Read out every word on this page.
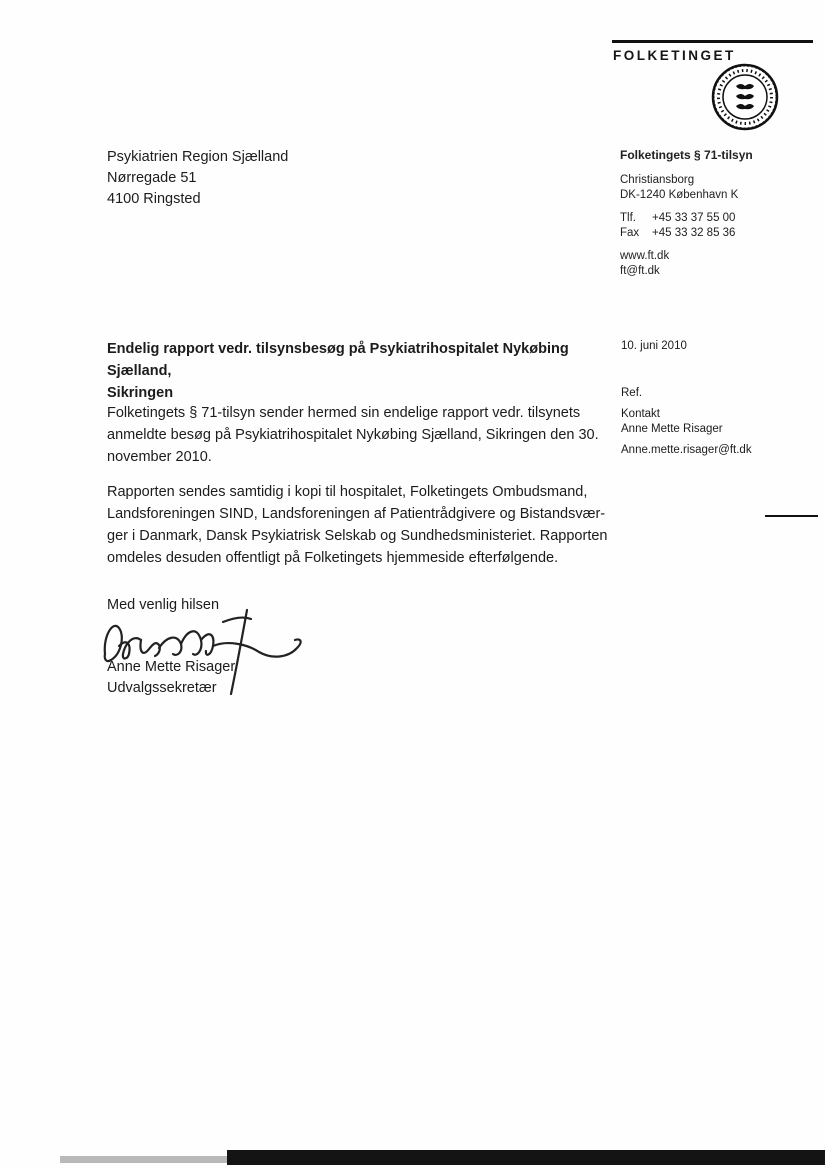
FOLKETINGET
Psykiatrien Region Sjælland
Nørregade 51
4100 Ringsted
Folketingets § 71-tilsyn
Christiansborg
DK-1240 København K
Tlf.	+45 33 37 55 00
Fax	+45 33 32 85 36
www.ft.dk
ft@ft.dk
Endelig rapport vedr. tilsynsbesøg på Psykiatrihospitalet Nykøbing Sjælland,
Sikringen
10. juni 2010
Ref.
Kontakt
Anne Mette Risager
Anne.mette.risager@ft.dk
Folketingets § 71-tilsyn sender hermed sin endelige rapport vedr. tilsynets
anmeldte besøg på Psykiatrihospitalet Nykøbing Sjælland, Sikringen den 30.
november 2010.
Rapporten sendes samtidig i kopi til hospitalet, Folketingets Ombudsmand,
Landsforeningen SIND, Landsforeningen af Patientrådgivere og Bistandsvær-
ger i Danmark, Dansk Psykiatrisk Selskab og Sundhedsministeriet. Rapporten
omdeles desuden offentligt på Folketingets hjemmeside efterfølgende.
Med venlig hilsen
Anne Mette Risager
Udvalgssekretær
